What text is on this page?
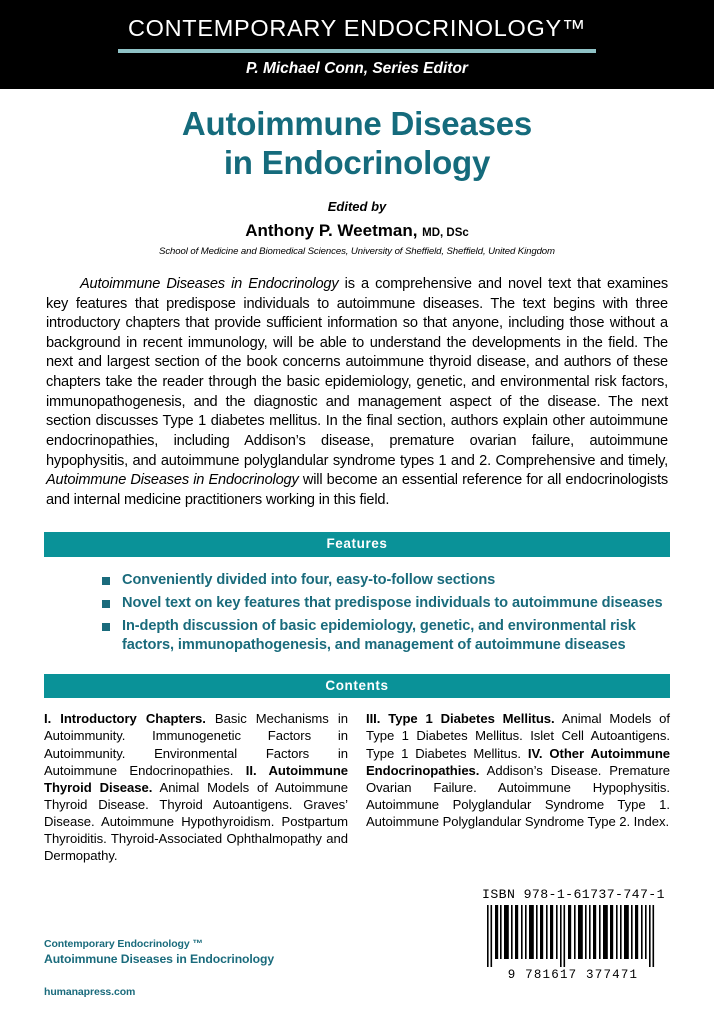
CONTEMPORARY ENDOCRINOLOGY™
P. Michael Conn, Series Editor
Autoimmune Diseases
in Endocrinology
Edited by
Anthony P. Weetman, MD, DSc
School of Medicine and Biomedical Sciences, University of Sheffield, Sheffield, United Kingdom

Autoimmune Diseases in Endocrinology is a comprehensive and novel text that examines key features that predispose individuals to autoimmune diseases. The text begins with three introductory chapters that provide sufficient information so that anyone, including those without a background in recent immunology, will be able to understand the developments in the field. The next and largest section of the book concerns autoimmune thyroid disease, and authors of these chapters take the reader through the basic epidemiology, genetic, and environmental risk factors, immunopathogenesis, and the diagnostic and management aspect of the disease. The next section discusses Type 1 diabetes mellitus. In the final section, authors explain other autoimmune endocrinopathies, including Addison’s disease, premature ovarian failure, autoimmune hypophysitis, and autoimmune polyglandular syndrome types 1 and 2. Comprehensive and timely, Autoimmune Diseases in Endocrinology will become an essential reference for all endocrinologists and internal medicine practitioners working in this field.

Features
Conveniently divided into four, easy-to-follow sections
Novel text on key features that predispose individuals to autoimmune diseases
In-depth discussion of basic epidemiology, genetic, and environmental risk factors, immunopathogenesis, and management of autoimmune diseases
Contents
I. Introductory Chapters. Basic Mechanisms in Autoimmunity. Immunogenetic Factors in Autoimmunity. Environmental Factors in Autoimmune Endocrinopathies. II. Autoimmune Thyroid Disease. Animal Models of Autoimmune Thyroid Disease. Thyroid Autoantigens. Graves’ Disease. Autoimmune Hypothyroidism. Postpartum Thyroiditis. Thyroid-Associated Ophthalmopathy and Dermopathy.
III. Type 1 Diabetes Mellitus. Animal Models of Type 1 Diabetes Mellitus. Islet Cell Autoantigens. Type 1 Diabetes Mellitus. IV. Other Autoimmune Endocrinopathies. Addison’s Disease. Premature Ovarian Failure. Autoimmune Hypophysitis. Autoimmune Polyglandular Syndrome Type 1. Autoimmune Polyglandular Syndrome Type 2. Index.
Contemporary Endocrinology ™
Autoimmune Diseases in Endocrinology
humanapress.com
ISBN 978-1-61737-747-1
9 781617 377471
